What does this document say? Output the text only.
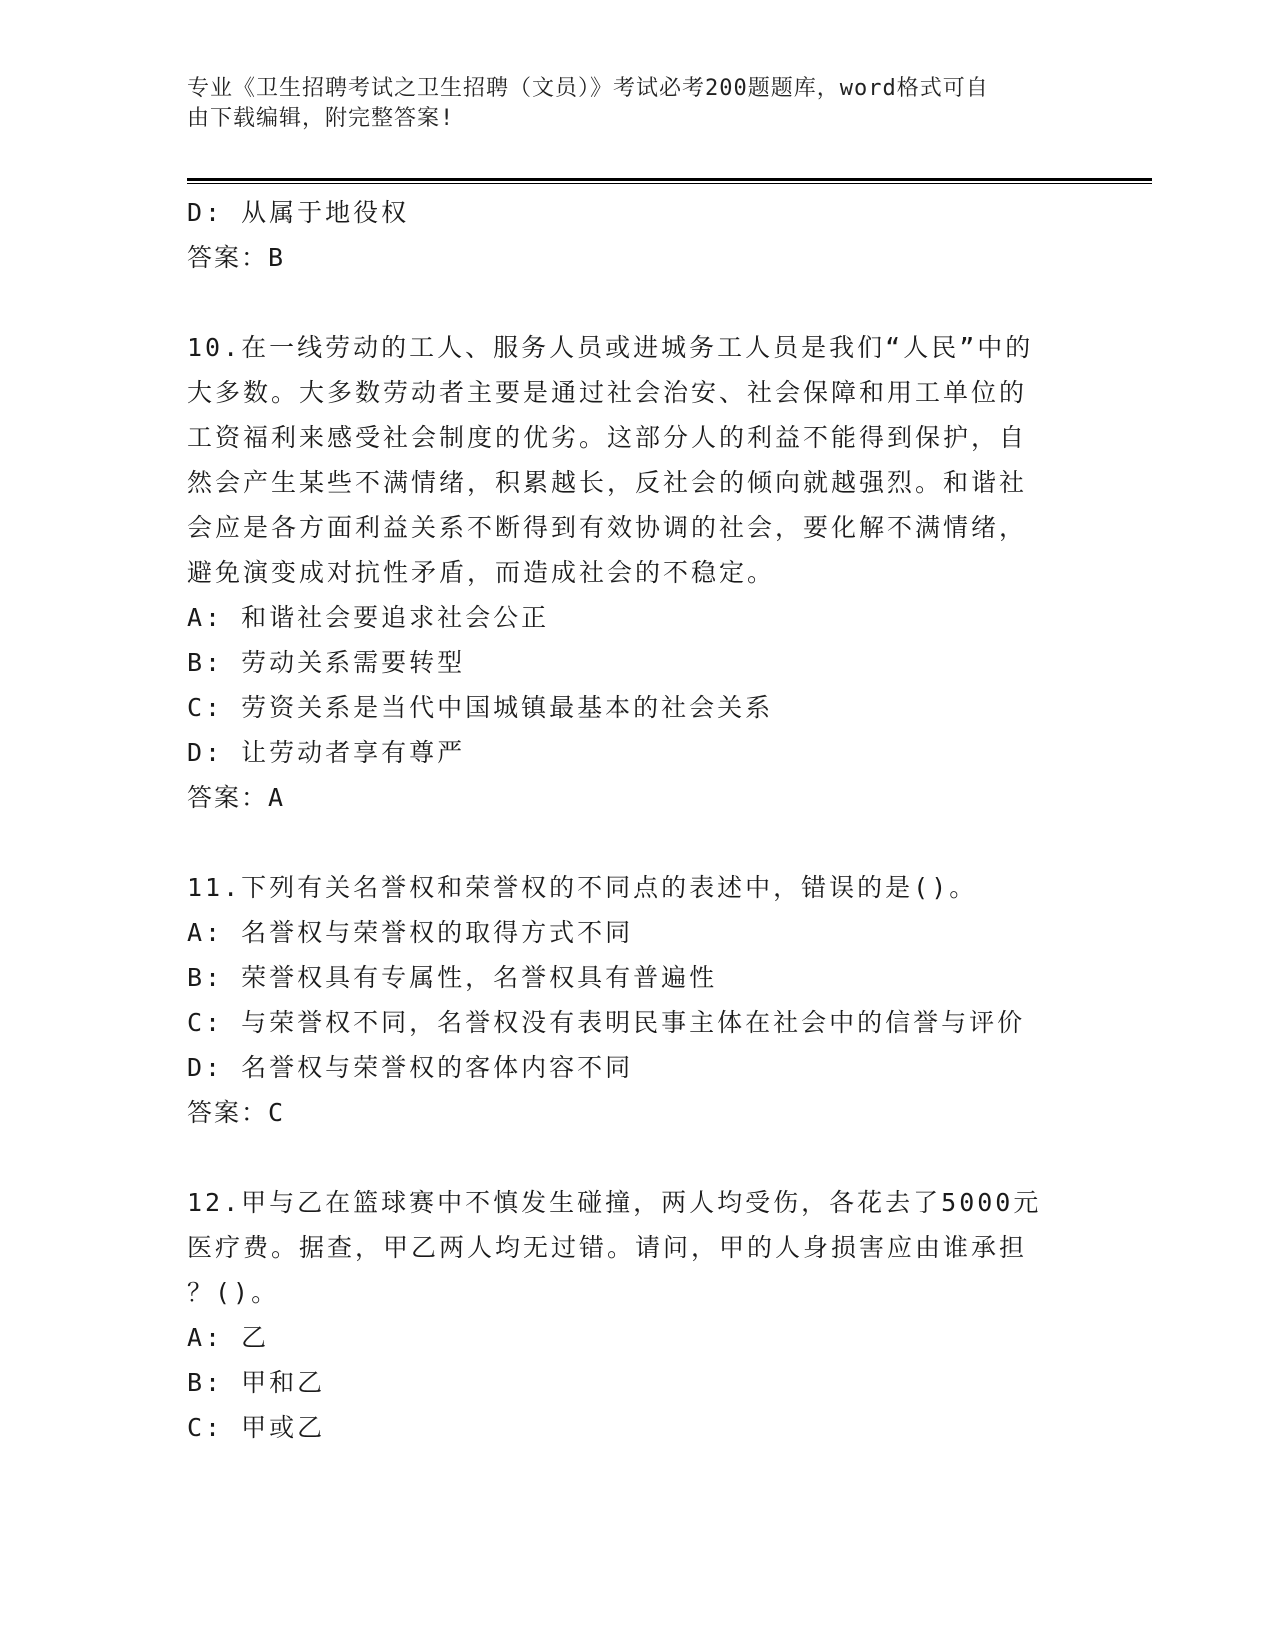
专业《卫生招聘考试之卫生招聘（文员）》考试必考200题题库，word格式可自
由下载编辑，附完整答案!
D: 从属于地役权
答案：B
10.在一线劳动的工人、服务人员或进城务工人员是我们“人民”中的
大多数。大多数劳动者主要是通过社会治安、社会保障和用工单位的
工资福利来感受社会制度的优劣。这部分人的利益不能得到保护，自
然会产生某些不满情绪，积累越长，反社会的倾向就越强烈。和谐社
会应是各方面利益关系不断得到有效协调的社会，要化解不满情绪，
避免演变成对抗性矛盾，而造成社会的不稳定。
A: 和谐社会要追求社会公正
B: 劳动关系需要转型
C: 劳资关系是当代中国城镇最基本的社会关系
D: 让劳动者享有尊严
答案：A
11.下列有关名誉权和荣誉权的不同点的表述中，错误的是()。
A: 名誉权与荣誉权的取得方式不同
B: 荣誉权具有专属性，名誉权具有普遍性
C: 与荣誉权不同，名誉权没有表明民事主体在社会中的信誉与评价
D: 名誉权与荣誉权的客体内容不同
答案：C
12.甲与乙在篮球赛中不慎发生碰撞，两人均受伤，各花去了5000元
医疗费。据查，甲乙两人均无过错。请问，甲的人身损害应由谁承担
？()。
A: 乙
B: 甲和乙
C: 甲或乙
